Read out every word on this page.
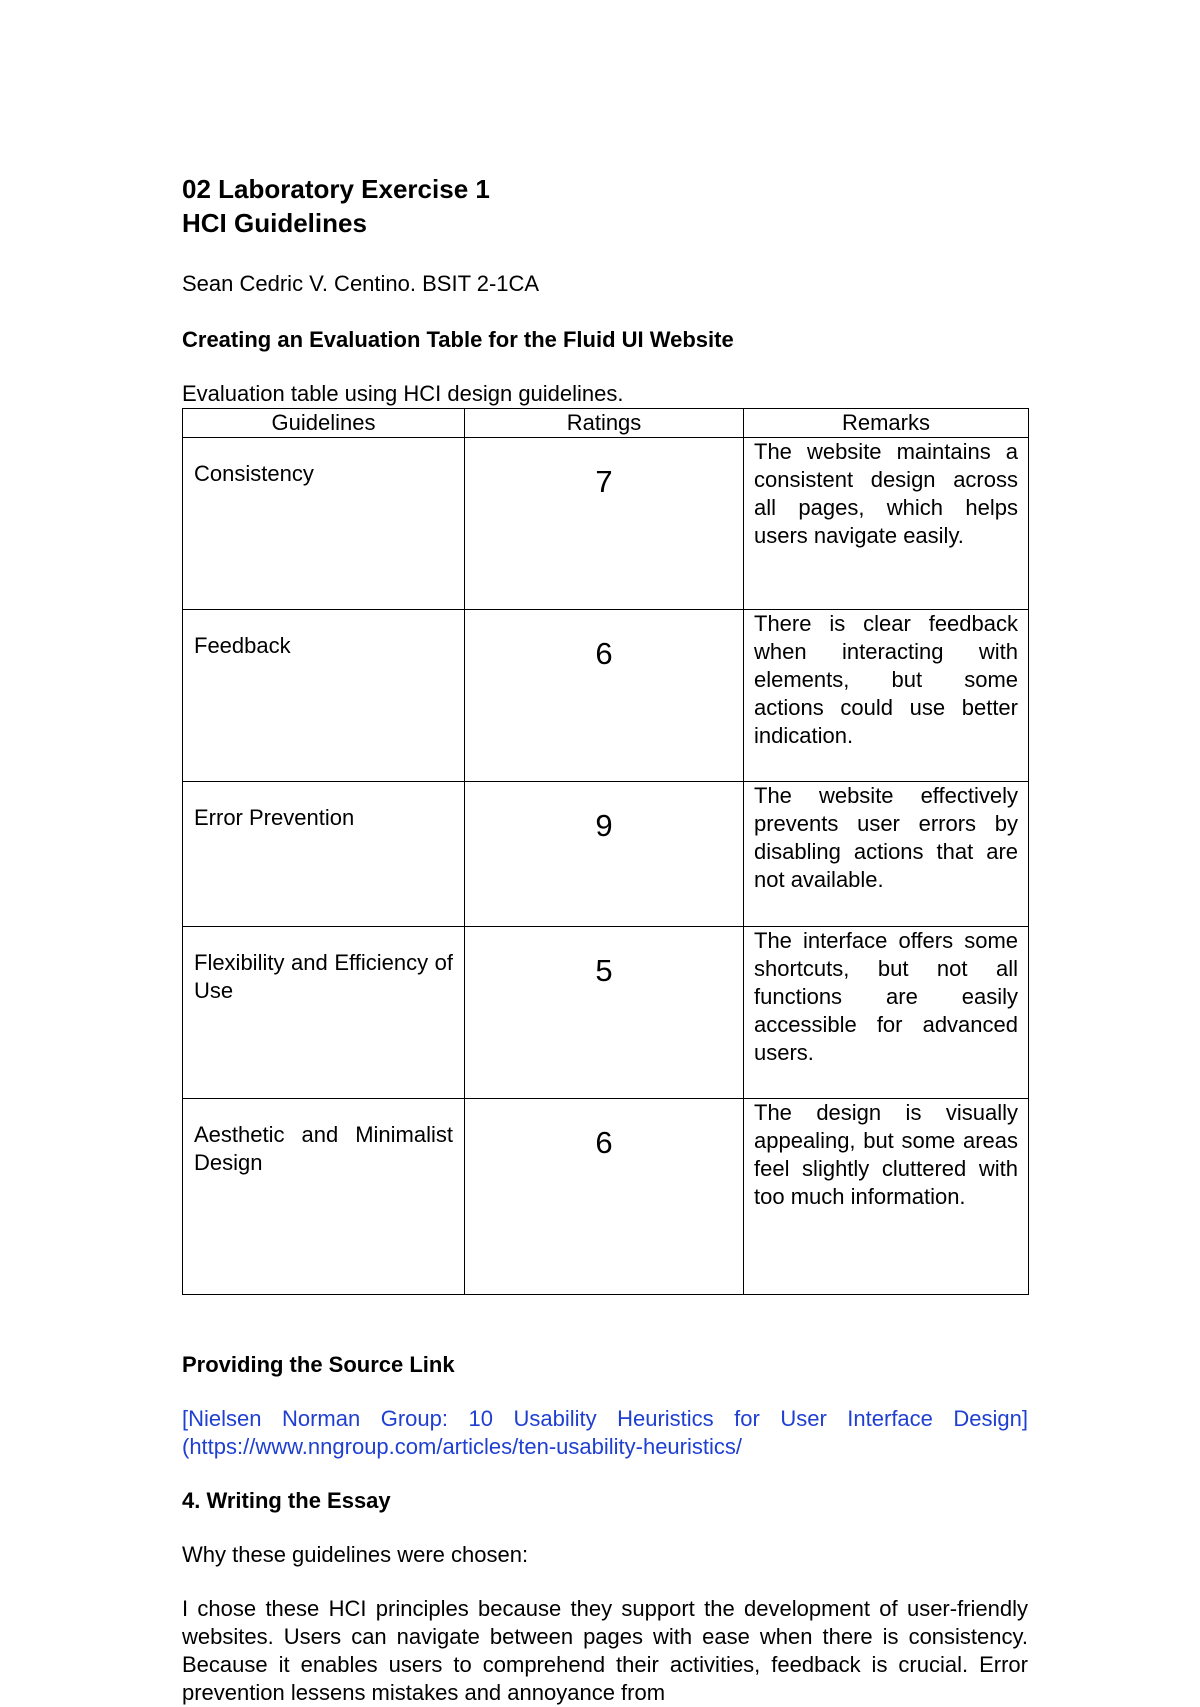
02 Laboratory Exercise 1
HCI Guidelines

Sean Cedric V. Centino. BSIT 2-1CA

Creating an Evaluation Table for the Fluid UI Website

Evaluation table using HCI design guidelines.

Guidelines	Ratings	Remarks
Consistency	7	The website maintains a consistent design across all pages, which helps users navigate easily.
Feedback	6	There is clear feedback when interacting with elements, but some actions could use better indication.
Error Prevention	9	The website effectively prevents user errors by disabling actions that are not available.
Flexibility and Efficiency of Use	5	The interface offers some shortcuts, but not all functions are easily accessible for advanced users.
Aesthetic and Minimalist Design	6	The design is visually appealing, but some areas feel slightly cluttered with too much information.

Providing the Source Link

[Nielsen Norman Group: 10 Usability Heuristics for User Interface Design] (https://www.nngroup.com/articles/ten-usability-heuristics/

4. Writing the Essay

Why these guidelines were chosen:

I chose these HCI principles because they support the development of user-friendly websites. Users can navigate between pages with ease when there is consistency. Because it enables users to comprehend their activities, feedback is crucial. Error prevention lessens mistakes and annoyance from
